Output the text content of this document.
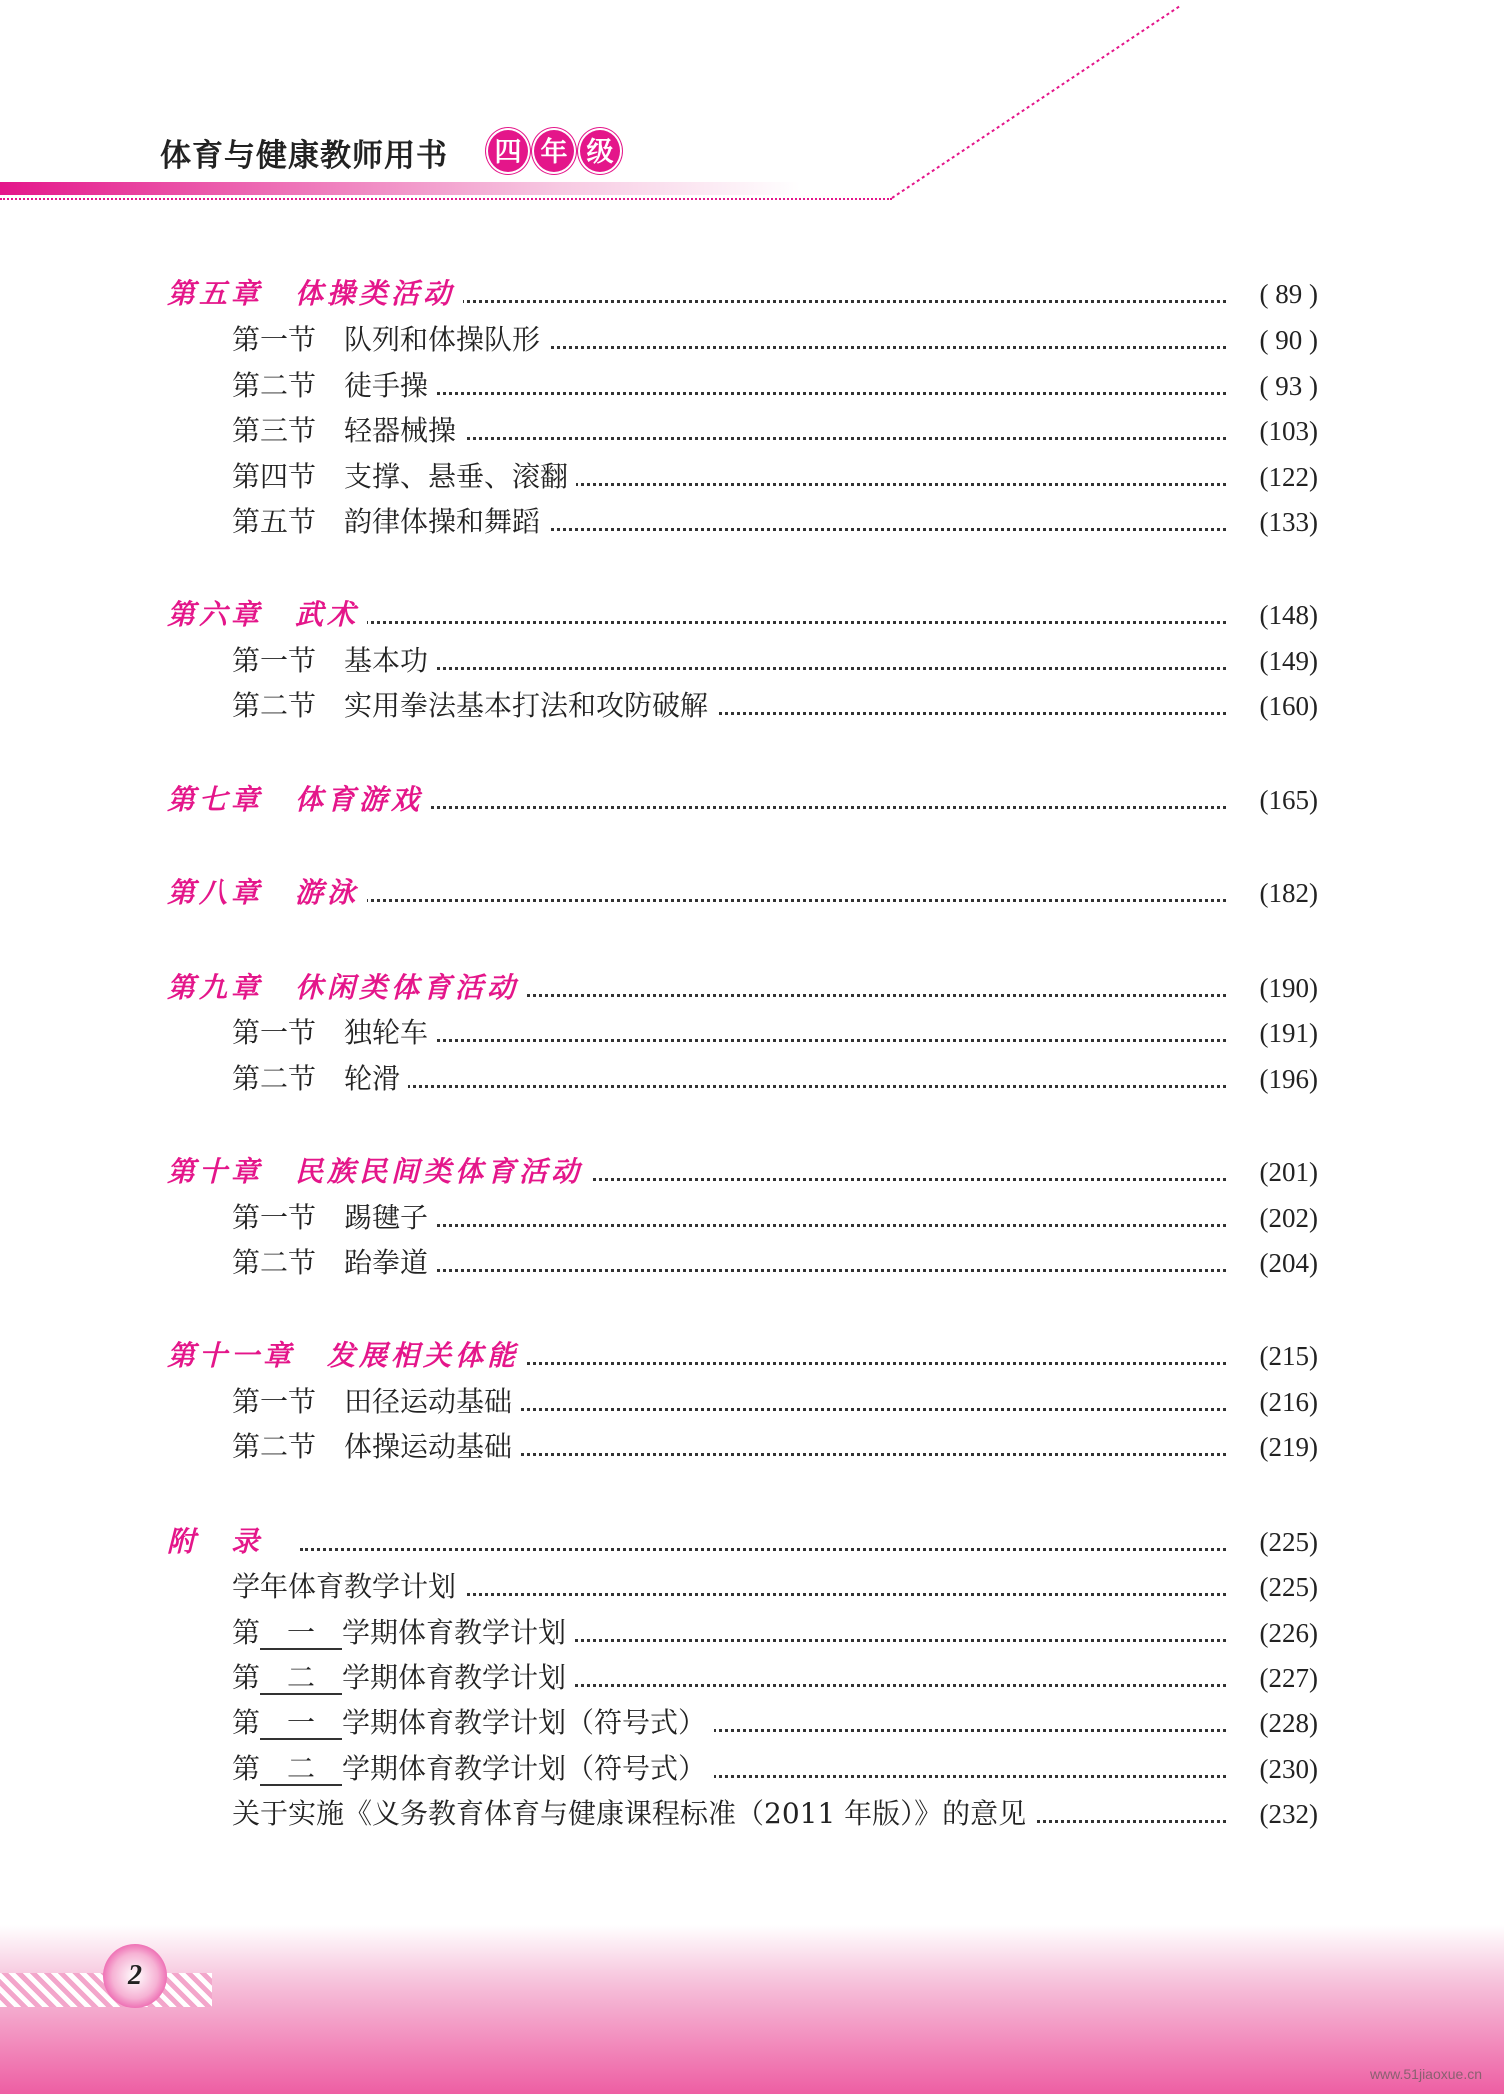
体育与健康教师用书	四 年 级
第五章　体操类活动	( 89 )
第一节　队列和体操队形	( 90 )
第二节　徒手操	( 93 )
第三节　轻器械操	(103)
第四节　支撑、悬垂、滚翻	(122)
第五节　韵律体操和舞蹈	(133)
第六章　武术	(148)
第一节　基本功	(149)
第二节　实用拳法基本打法和攻防破解	(160)
第七章　体育游戏	(165)
第八章　游泳	(182)
第九章　休闲类体育活动	(190)
第一节　独轮车	(191)
第二节　轮滑	(196)
第十章　民族民间类体育活动	(201)
第一节　踢毽子	(202)
第二节　跆拳道	(204)
第十一章　发展相关体能	(215)
第一节　田径运动基础	(216)
第二节　体操运动基础	(219)
附　录	(225)
学年体育教学计划	(225)
第 一 学期体育教学计划	(226)
第 二 学期体育教学计划	(227)
第 一 学期体育教学计划（符号式）	(228)
第 二 学期体育教学计划（符号式）	(230)
关于实施《义务教育体育与健康课程标准（2011 年版）》的意见	(232)
2
www.51jiaoxue.cn
